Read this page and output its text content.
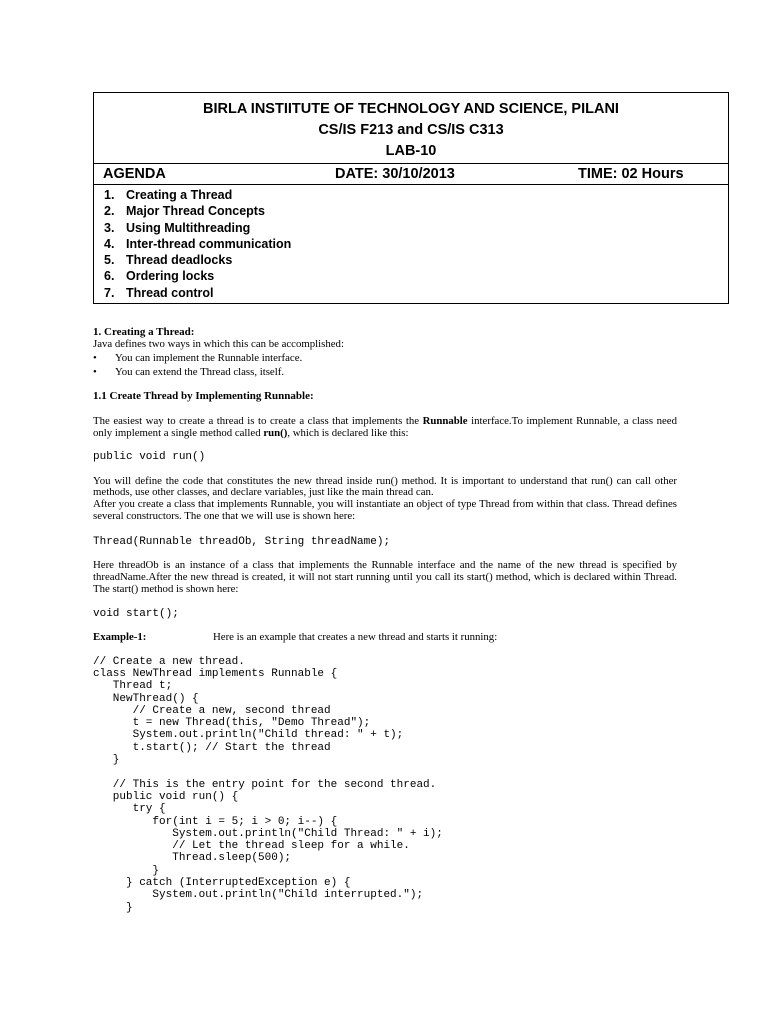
BIRLA INSTIITUTE OF TECHNOLOGY AND SCIENCE, PILANI
CS/IS F213 and CS/IS C313
LAB-10
AGENDA	DATE: 30/10/2013	TIME: 02 Hours
1. Creating a Thread
2. Major Thread Concepts
3. Using Multithreading
4. Inter-thread communication
5. Thread deadlocks
6. Ordering locks
7. Thread control
1. Creating a Thread:
Java defines two ways in which this can be accomplished:
• You can implement the Runnable interface.
• You can extend the Thread class, itself.
1.1 Create Thread by Implementing Runnable:
The easiest way to create a thread is to create a class that implements the Runnable interface.To implement Runnable, a class need only implement a single method called run(), which is declared like this:
public void run()
You will define the code that constitutes the new thread inside run() method. It is important to understand that run() can call other methods, use other classes, and declare variables, just like the main thread can.
After you create a class that implements Runnable, you will instantiate an object of type Thread from within that class. Thread defines several constructors. The one that we will use is shown here:
Thread(Runnable threadOb, String threadName);
Here threadOb is an instance of a class that implements the Runnable interface and the name of the new thread is specified by threadName.After the new thread is created, it will not start running until you call its start() method, which is declared within Thread. The start() method is shown here:
void start();
Example-1:	Here is an example that creates a new thread and starts it running:
// Create a new thread.
class NewThread implements Runnable {
Thread t;
NewThread() {
// Create a new, second thread
t = new Thread(this, "Demo Thread");
System.out.println("Child thread: " + t);
t.start(); // Start the thread
}

// This is the entry point for the second thread.
public void run() {
try {
for(int i = 5; i > 0; i--) {
System.out.println("Child Thread: " + i);
// Let the thread sleep for a while.
Thread.sleep(500);
}
} catch (InterruptedException e) {
System.out.println("Child interrupted.");
}
